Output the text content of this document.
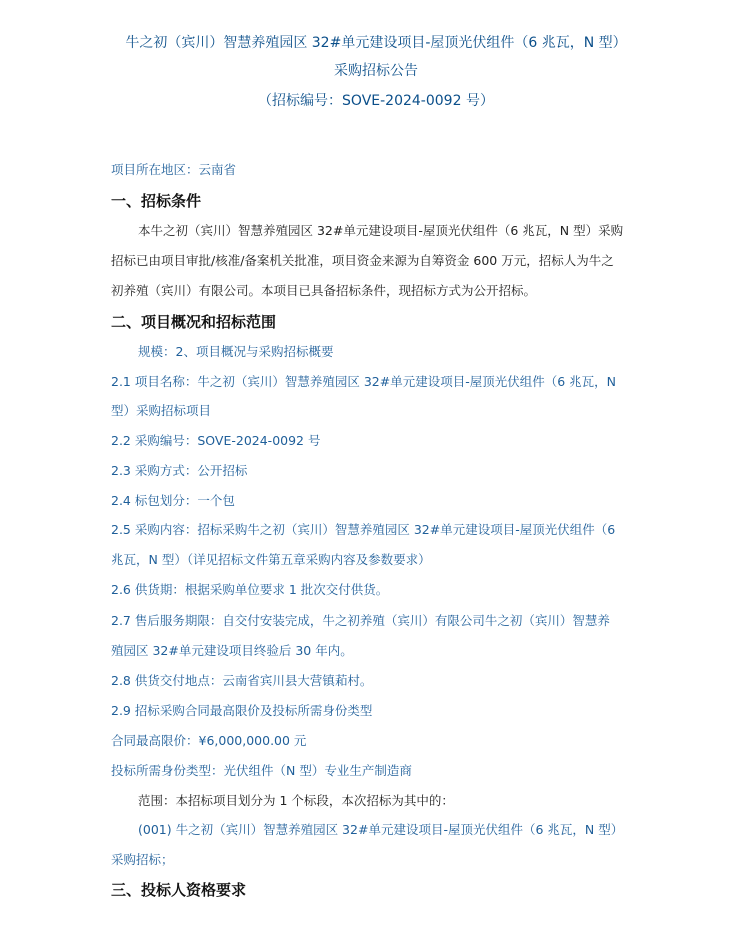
牛之初（宾川）智慧养殖园区 32#单元建设项目-屋顶光伏组件（6 兆瓦，N 型）
采购招标公告
（招标编号：SOVE-2024-0092 号）
项目所在地区：云南省
一、招标条件
本牛之初（宾川）智慧养殖园区 32#单元建设项目-屋顶光伏组件（6 兆瓦，N 型）采购
招标已由项目审批/核准/备案机关批准，项目资金来源为自筹资金 600 万元，招标人为牛之
初养殖（宾川）有限公司。本项目已具备招标条件，现招标方式为公开招标。
二、项目概况和招标范围
规模：2、项目概况与采购招标概要
2.1 项目名称：牛之初（宾川）智慧养殖园区 32#单元建设项目-屋顶光伏组件（6 兆瓦，N
型）采购招标项目
2.2 采购编号：SOVE-2024-0092 号
2.3 采购方式：公开招标
2.4 标包划分：一个包
2.5 采购内容：招标采购牛之初（宾川）智慧养殖园区 32#单元建设项目-屋顶光伏组件（6
兆瓦，N 型）（详见招标文件第五章采购内容及参数要求）
2.6 供货期：根据采购单位要求 1 批次交付供货。
2.7 售后服务期限：自交付安装完成，牛之初养殖（宾川）有限公司牛之初（宾川）智慧养
殖园区 32#单元建设项目终验后 30 年内。
2.8 供货交付地点：云南省宾川县大营镇萂村。
2.9 招标采购合同最高限价及投标所需身份类型
合同最高限价：¥6,000,000.00 元
投标所需身份类型：光伏组件（N 型）专业生产制造商
范围：本招标项目划分为 1 个标段，本次招标为其中的：
(001) 牛之初（宾川）智慧养殖园区 32#单元建设项目-屋顶光伏组件（6 兆瓦，N 型）
采购招标；
三、投标人资格要求
